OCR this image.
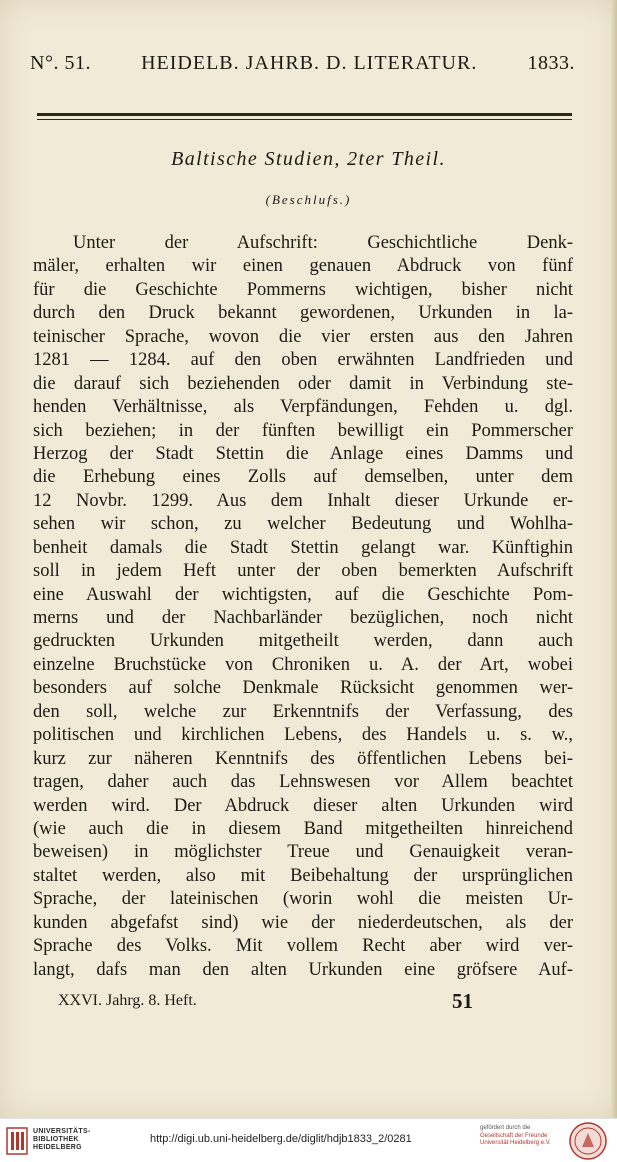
N°. 51.	HEIDELB. JAHRB. D. LITERATUR.	1833.
Baltische Studien, 2ter Theil.
(Beschlufs.)
Unter der Aufschrift: Geschichtliche Denk-
mäler, erhalten wir einen genauen Abdruck von fünf
für die Geschichte Pommerns wichtigen, bisher nicht
durch den Druck bekannt gewordenen, Urkunden in la-
teinischer Sprache, wovon die vier ersten aus den Jahren
1281 — 1284. auf den oben erwähnten Landfrieden und
die darauf sich beziehenden oder damit in Verbindung ste-
henden Verhältnisse, als Verpfändungen, Fehden u. dgl.
sich beziehen; in der fünften bewilligt ein Pommerscher
Herzog der Stadt Stettin die Anlage eines Damms und
die Erhebung eines Zolls auf demselben, unter dem
12 Novbr. 1299. Aus dem Inhalt dieser Urkunde er-
sehen wir schon, zu welcher Bedeutung und Wohlha-
benheit damals die Stadt Stettin gelangt war. Künftighin
soll in jedem Heft unter der oben bemerkten Aufschrift
eine Auswahl der wichtigsten, auf die Geschichte Pom-
merns und der Nachbarländer bezüglichen, noch nicht
gedruckten Urkunden mitgetheilt werden, dann auch
einzelne Bruchstücke von Chroniken u. A. der Art, wobei
besonders auf solche Denkmale Rücksicht genommen wer-
den soll, welche zur Erkenntnifs der Verfassung, des
politischen und kirchlichen Lebens, des Handels u. s. w.,
kurz zur näheren Kenntnifs des öffentlichen Lebens bei-
tragen, daher auch das Lehnswesen vor Allem beachtet
werden wird. Der Abdruck dieser alten Urkunden wird
(wie auch die in diesem Band mitgetheilten hinreichend
beweisen) in möglichster Treue und Genauigkeit veran-
staltet werden, also mit Beibehaltung der ursprünglichen
Sprache, der lateinischen (worin wohl die meisten Ur-
kunden abgefafst sind) wie der niederdeutschen, als der
Sprache des Volks. Mit vollem Recht aber wird ver-
langt, dafs man den alten Urkunden eine gröfsere Auf-
XXVI. Jahrg. 8. Heft.	51
UNIVERSITÄTS-
BIBLIOTHEK
HEIDELBERG
http://digi.ub.uni-heidelberg.de/diglit/hdjb1833_2/0281
gefördert durch die
Gesellschaft der Freunde
Universität Heidelberg e.V.
